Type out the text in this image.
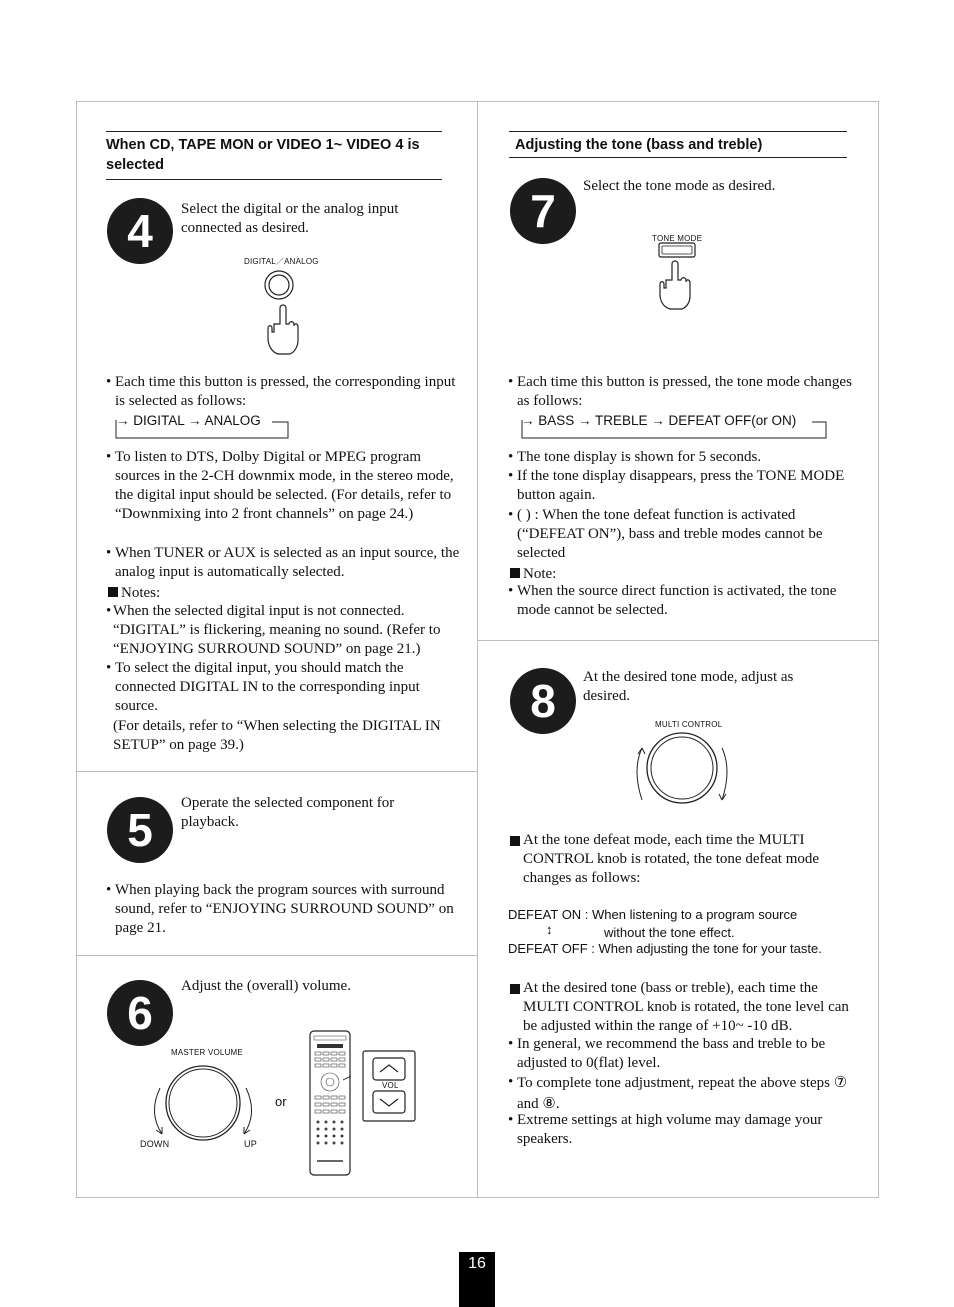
When CD, TAPE MON or VIDEO 1~ VIDEO 4 is selected
4	Select the digital or the analog input connected as desired.
DIGITAL／ANALOG
• Each time this button is pressed, the corresponding input is selected as follows:
→ DIGITAL → ANALOG
• To listen to DTS, Dolby Digital or MPEG program sources in the 2-CH downmix mode, in the stereo mode, the digital input should be selected. (For details, refer to “Downmixing into 2 front channels” on page 24.)
• When TUNER or AUX is selected as an input source, the analog input is automatically selected.
Notes:
• When the selected digital input is not connected. “DIGITAL” is flickering, meaning no sound. (Refer to “ENJOYING SURROUND SOUND” on page 21.)
• To select the digital input, you should match the connected DIGITAL IN to the corresponding input source.
(For details, refer to “When selecting the DIGITAL IN SETUP” on page 39.)
5
Operate the selected component for playback.
• When playing back the program sources with surround sound, refer to “ENJOYING SURROUND SOUND” on page 21.
6
Adjust the (overall) volume.
MASTER VOLUME
DOWN	UP
or
VOL
Adjusting the tone (bass and treble)
7	Select the tone mode as desired.
TONE MODE
• Each time this button is pressed, the tone mode changes as follows:
→ BASS → TREBLE → DEFEAT OFF(or ON)
• The tone display is shown for 5 seconds.
• If the tone display disappears, press the TONE MODE button again.
• ( ) : When the tone defeat function is activated (“DEFEAT ON”), bass and treble modes cannot be selected
Note:
• When the source direct function is activated, the tone mode cannot be selected.
8	At the desired tone mode, adjust as desired.
MULTI CONTROL
At the tone defeat mode, each time the MULTI CONTROL knob is rotated, the tone defeat mode changes as follows:
DEFEAT ON : When listening to a program source
↕	without the tone effect.
DEFEAT OFF : When adjusting the tone for your taste.
At the desired tone (bass or treble), each time the MULTI CONTROL knob is rotated, the tone level can be adjusted within the range of +10~ -10 dB.
• In general, we recommend the bass and treble to be adjusted to 0(flat) level.
• To complete tone adjustment, repeat the above steps ⑦ and ⑧.
• Extreme settings at high volume may damage your speakers.
16
